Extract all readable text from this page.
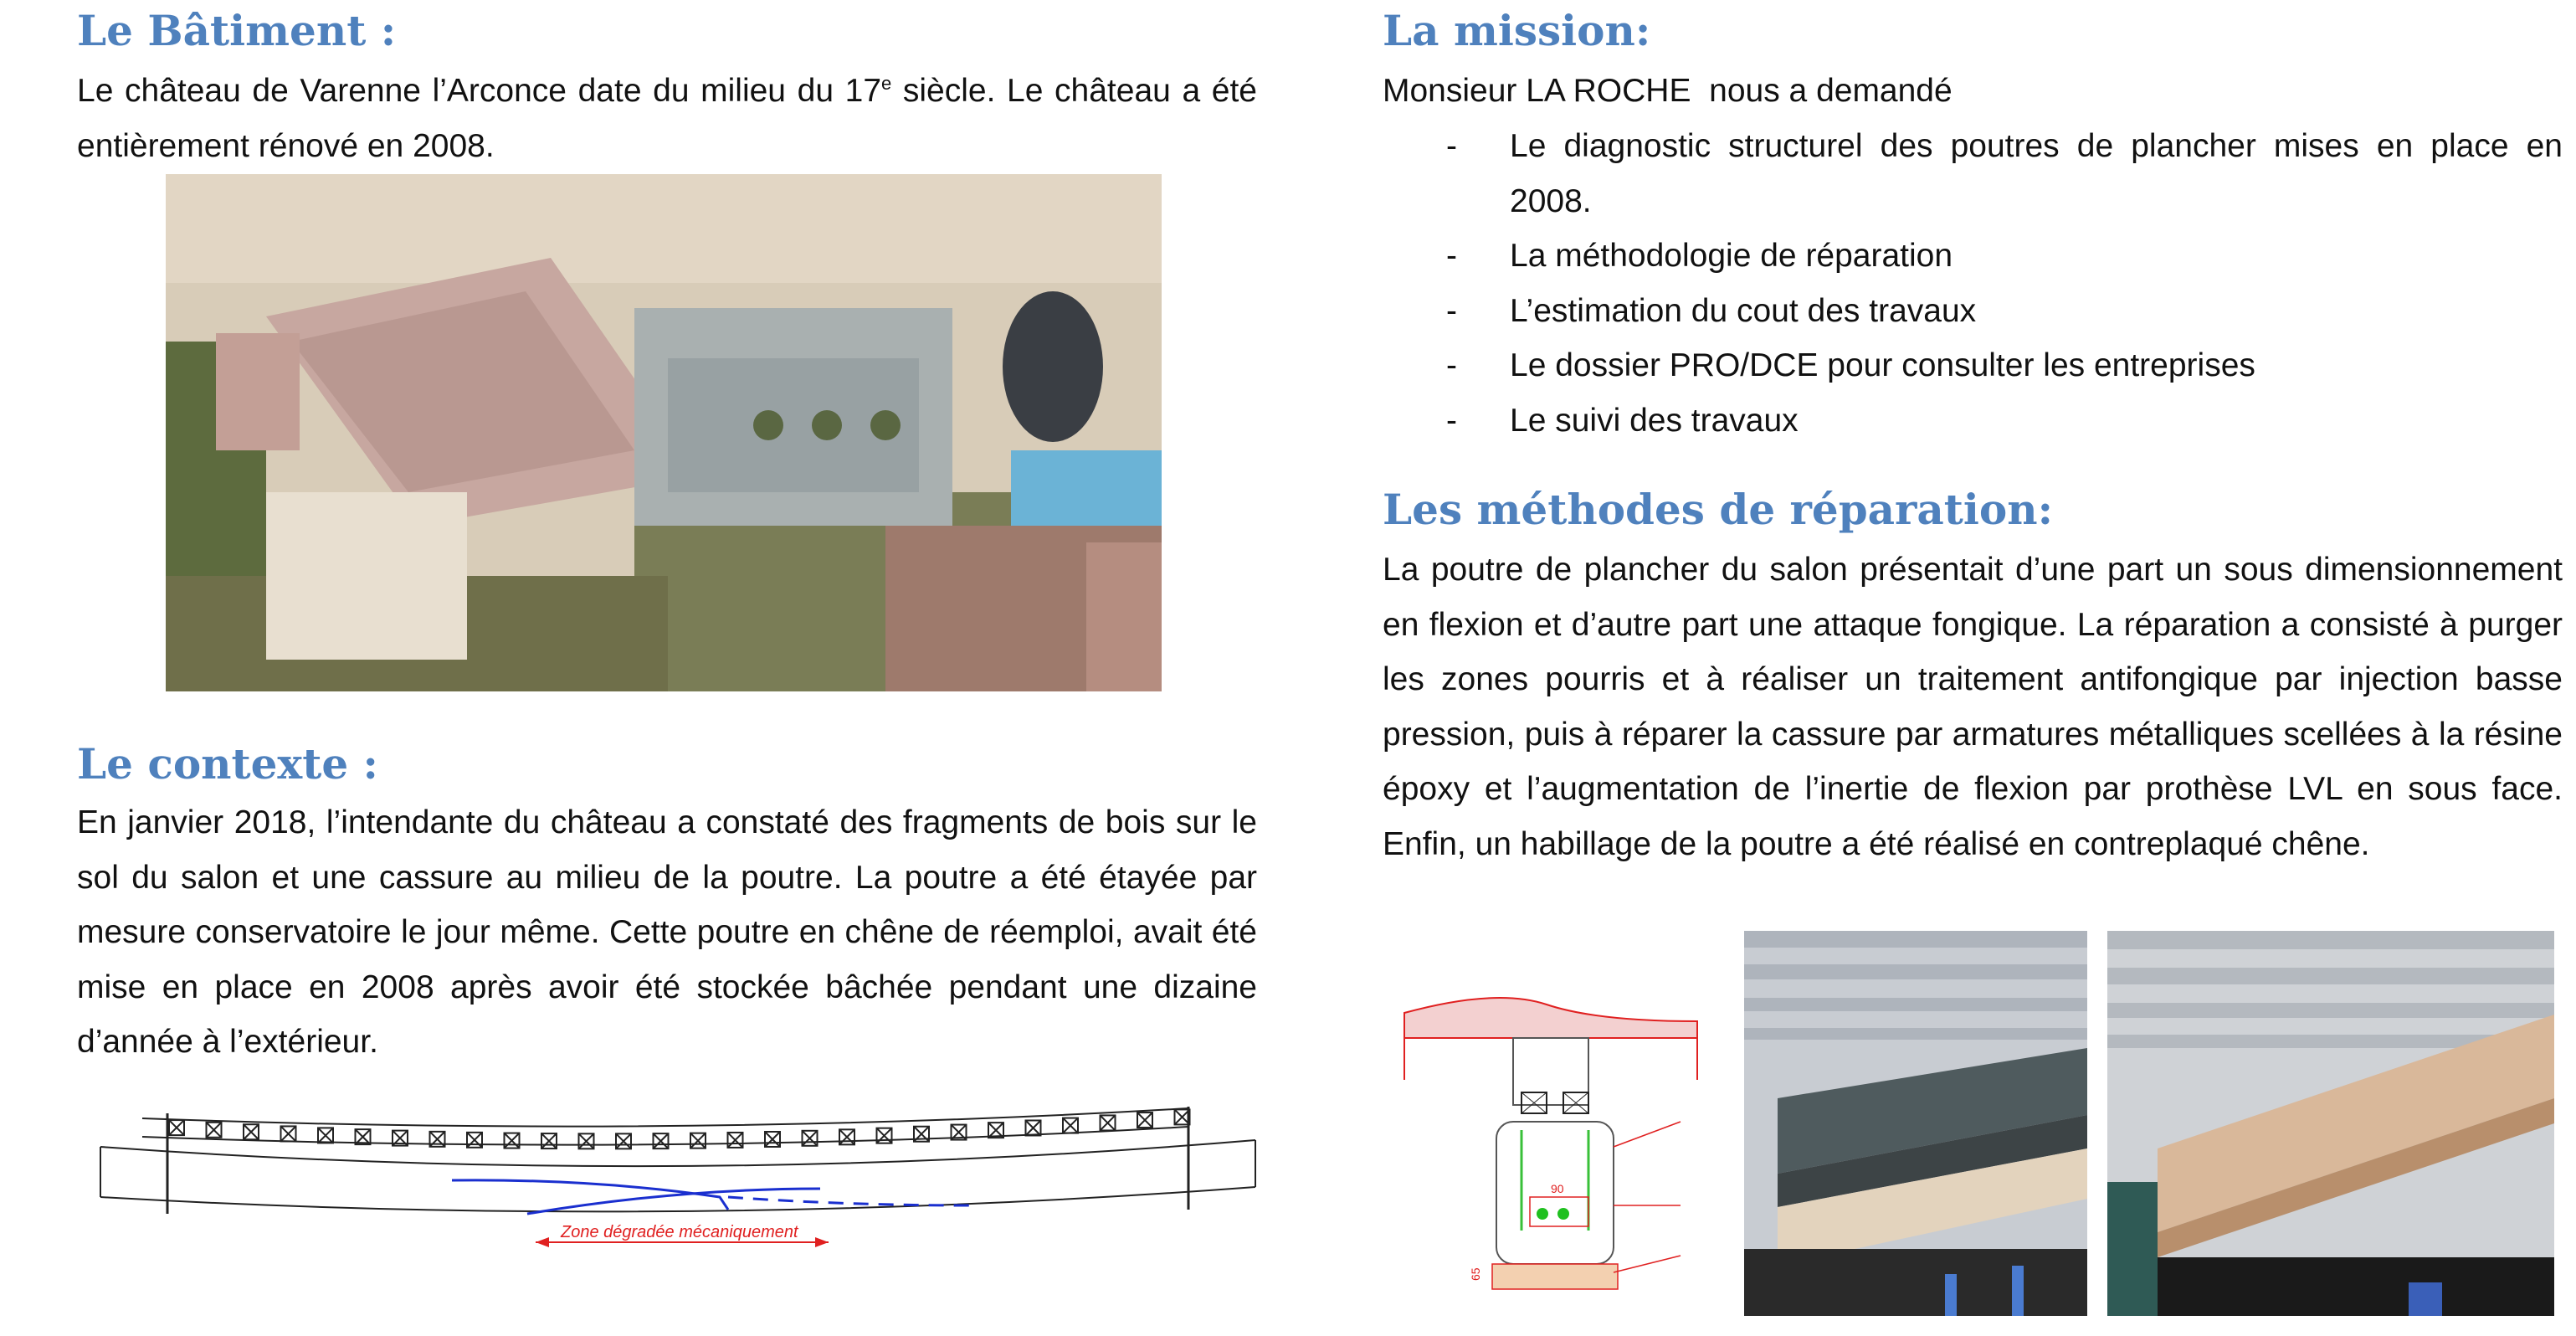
Le Bâtiment :

Le château de Varenne l’Arconce date du milieu du 17e siècle. Le château a été entièrement rénové en 2008.

Le contexte :

En janvier 2018, l’intendante du château a constaté des fragments de bois sur le sol du salon et une cassure au milieu de la poutre. La poutre a été étayée par mesure conservatoire le jour même. Cette poutre en chêne de réemploi, avait été mise en place en 2008 après avoir été stockée bâchée pendant une dizaine d’année à l’extérieur.

Zone dégradée mécaniquement
La mission:

Monsieur LA ROCHE  nous a demandé

- Le diagnostic structurel des poutres de plancher mises en place en 2008.
- La méthodologie de réparation
- L’estimation du cout des travaux
- Le dossier PRO/DCE pour consulter les entreprises
- Le suivi des travaux
Les méthodes de réparation:

La poutre de plancher du salon présentait d’une part un sous dimensionnement en flexion et d’autre part une attaque fongique. La réparation a consisté à purger les zones pourris et à réaliser un traitement antifongique par injection basse pression, puis à réparer la cassure par armatures métalliques scellées à la résine époxy et l’augmentation de l’inertie de flexion par prothèse LVL en sous face. Enfin, un habillage de la poutre a été réalisé en contreplaqué chêne.

90
65
